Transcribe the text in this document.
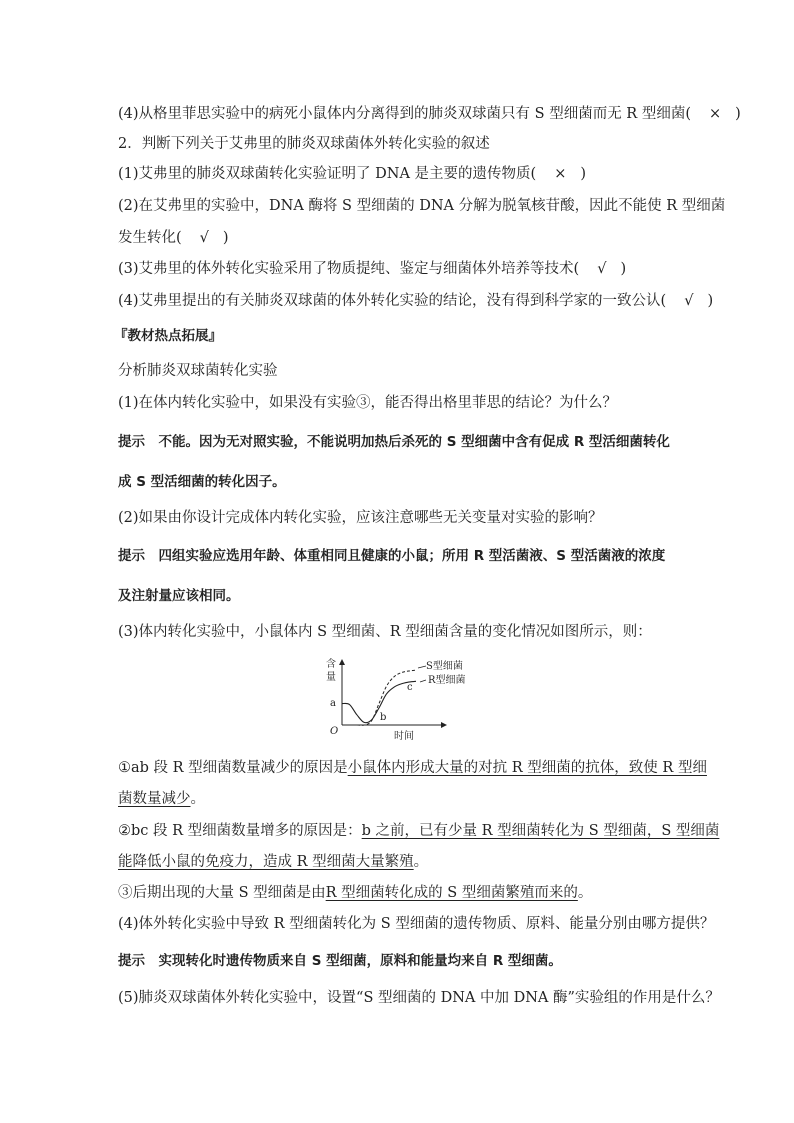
(4)从格里菲思实验中的病死小鼠体内分离得到的肺炎双球菌只有 S 型细菌而无 R 型细菌( × )
2．判断下列关于艾弗里的肺炎双球菌体外转化实验的叙述
(1)艾弗里的肺炎双球菌转化实验证明了 DNA 是主要的遗传物质( × )
(2)在艾弗里的实验中，DNA 酶将 S 型细菌的 DNA 分解为脱氧核苷酸，因此不能使 R 型细菌
发生转化( √ )
(3)艾弗里的体外转化实验采用了物质提纯、鉴定与细菌体外培养等技术( √ )
(4)艾弗里提出的有关肺炎双球菌的体外转化实验的结论，没有得到科学家的一致公认( √ )
『教材热点拓展』
分析肺炎双球菌转化实验
(1)在体内转化实验中，如果没有实验③，能否得出格里菲思的结论？为什么？
提示　不能。因为无对照实验，不能说明加热后杀死的 S 型细菌中含有促成 R 型活细菌转化
成 S 型活细菌的转化因子。
(2)如果由你设计完成体内转化实验，应该注意哪些无关变量对实验的影响？
提示　四组实验应选用年龄、体重相同且健康的小鼠；所用 R 型活菌液、S 型活菌液的浓度
及注射量应该相同。
(3)体内转化实验中，小鼠体内 S 型细菌、R 型细菌含量的变化情况如图所示，则：
含
量
O
a
b
c
S型细菌
R型细菌
时间
①ab 段 R 型细菌数量减少的原因是小鼠体内形成大量的对抗 R 型细菌的抗体，致使 R 型细
菌数量减少。
②bc 段 R 型细菌数量增多的原因是：b 之前，已有少量 R 型细菌转化为 S 型细菌，S 型细菌
能降低小鼠的免疫力，造成 R 型细菌大量繁殖。
③后期出现的大量 S 型细菌是由R 型细菌转化成的 S 型细菌繁殖而来的。
(4)体外转化实验中导致 R 型细菌转化为 S 型细菌的遗传物质、原料、能量分别由哪方提供？
提示　实现转化时遗传物质来自 S 型细菌，原料和能量均来自 R 型细菌。
(5)肺炎双球菌体外转化实验中，设置“S 型细菌的 DNA 中加 DNA 酶”实验组的作用是什么？
